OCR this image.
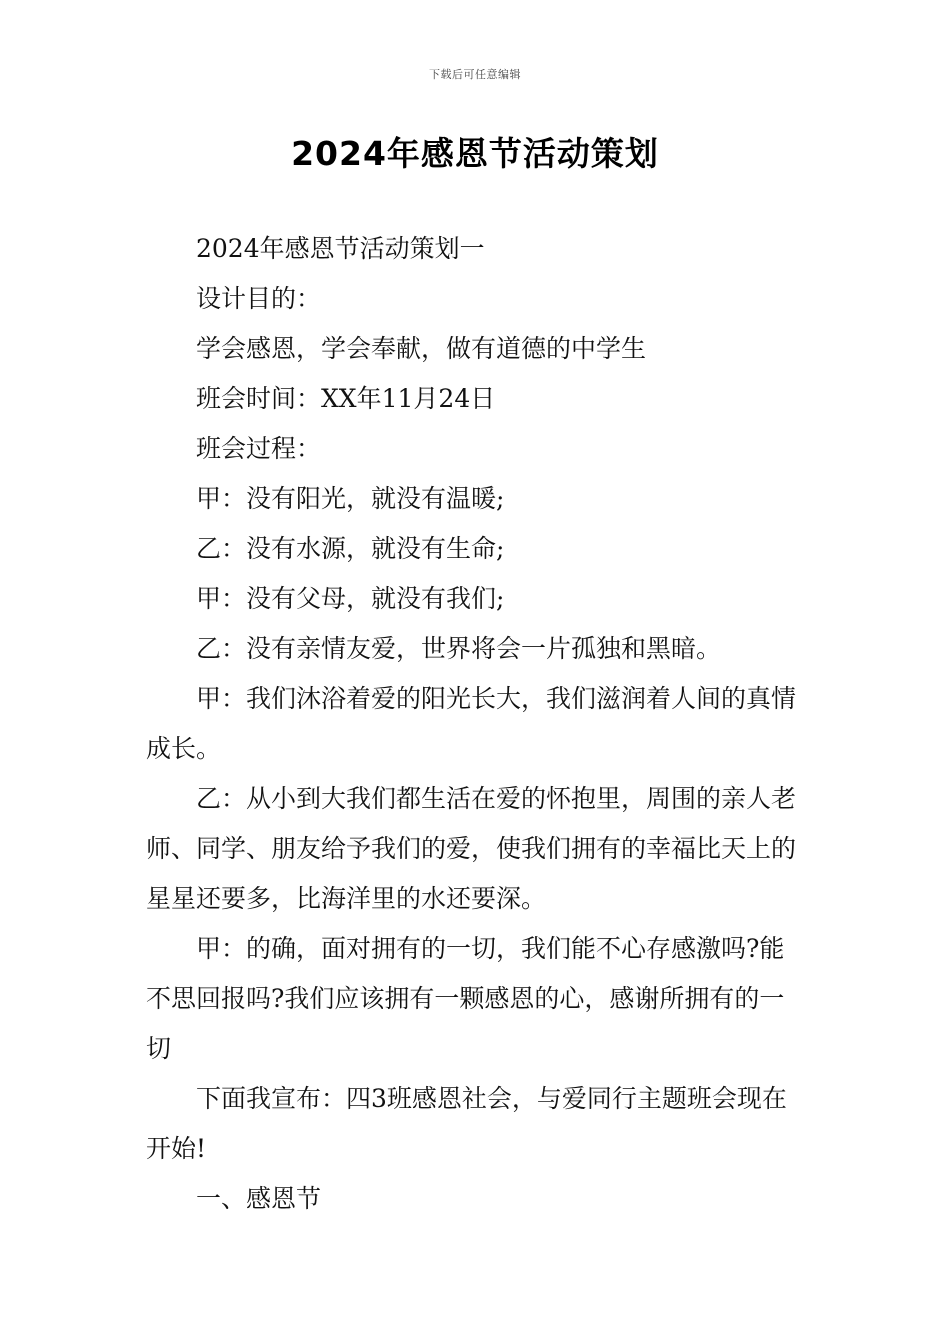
下载后可任意编辑
2024年感恩节活动策划

2024年感恩节活动策划一

设计目的：

学会感恩，学会奉献，做有道德的中学生

班会时间：XX年11月24日

班会过程：

甲：没有阳光，就没有温暖;

乙：没有水源，就没有生命;

甲：没有父母，就没有我们;

乙：没有亲情友爱，世界将会一片孤独和黑暗。

甲：我们沐浴着爱的阳光长大，我们滋润着人间的真情成长。

乙：从小到大我们都生活在爱的怀抱里，周围的亲人老师、同学、朋友给予我们的爱，使我们拥有的幸福比天上的星星还要多，比海洋里的水还要深。

甲：的确，面对拥有的一切，我们能不心存感激吗?能不思回报吗?我们应该拥有一颗感恩的心，感谢所拥有的一切

下面我宣布：四3班感恩社会，与爱同行主题班会现在开始!

一、感恩节
